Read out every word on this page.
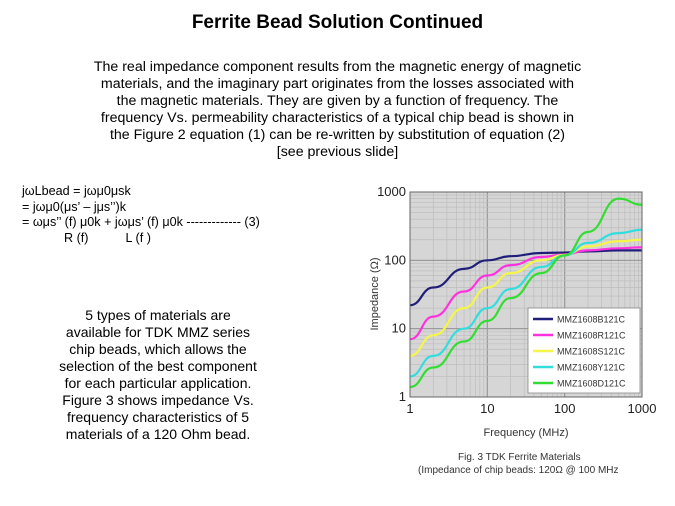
Ferrite Bead Solution Continued
The real impedance component results from the magnetic energy of magnetic
materials, and the imaginary part originates from the losses associated with
the magnetic materials. They are given by a function of frequency. The
frequency Vs. permeability characteristics of a typical chip bead is shown in
the Figure 2 equation (1) can be re-written by substitution of equation (2)
[see previous slide]
jωLbead = jωμ0μsk
= jωμ0(μs’ – jμs’’)k
= ωμs’’ (f) μ0k + jωμs’ (f) μ0k ------------- (3)
R (f)	L (f )
5 types of materials are
available for TDK MMZ series
chip beads, which allows the
selection of the best component
for each particular application.
Figure 3 shows impedance Vs.
frequency characteristics of 5
materials of a 120 Ohm bead.
1	10	100	1000
1
10
100
1000
MMZ1608B121C
MMZ1608R121C
MMZ1608S121C
MMZ1608Y121C
MMZ1608D121C
Frequency (MHz)
Impedance (Ω)
Fig. 3 TDK Ferrite Materials
(Impedance of chip beads: 120Ω @ 100 MHz
